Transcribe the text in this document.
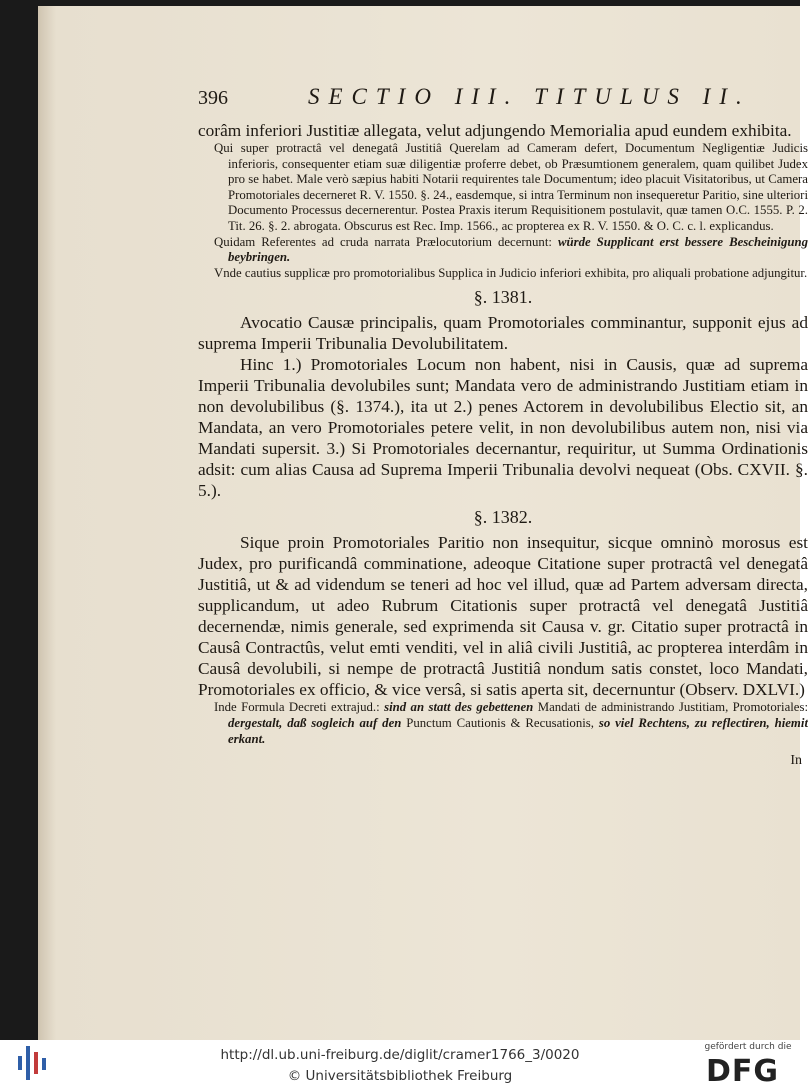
396	SECTIO III. TITULUS II.

corâm inferiori Justitiæ allegata, velut adjungendo Memorialia apud eundem exhibita.

Qui super protractâ vel denegatâ Justitiâ Querelam ad Cameram defert, Documentum Negligentiæ Judicis inferioris, consequenter etiam suæ diligentiæ proferre debet, ob Præsumtionem generalem, quam quilibet Judex pro se habet. Male verò sæpius habiti Notarii requirentes tale Documentum; ideo placuit Visitatoribus, ut Camera Promotoriales decerneret R. V. 1550. §. 24., easdemque, si intra Terminum non insequeretur Paritio, sine ulteriori Documento Processus decernerentur. Postea Praxis iterum Requisitionem postulavit, quæ tamen O.C. 1555. P. 2. Tit. 26. §. 2. abrogata. Obscurus est Rec. Imp. 1566., ac propterea ex R. V. 1550. & O. C. c. l. explicandus.

Quidam Referentes ad cruda narrata Prælocutorium decernunt: würde Supplicant erst bessere Bescheinigung beybringen.

Vnde cautius supplicæ pro promotorialibus Supplica in Judicio inferiori exhibita, pro aliquali probatione adjungitur.

§. 1381.

Avocatio Causæ principalis, quam Promotoriales comminantur, supponit ejus ad suprema Imperii Tribunalia Devolubilitatem.

Hinc 1.) Promotoriales Locum non habent, nisi in Causis, quæ ad suprema Imperii Tribunalia devolubiles sunt; Mandata vero de administrando Justitiam etiam in non devolubilibus (§. 1374.), ita ut 2.) penes Actorem in devolubilibus Electio sit, an Mandata, an vero Promotoriales petere velit, in non devolubilibus autem non, nisi via Mandati supersit. 3.) Si Promotoriales decernantur, requiritur, ut Summa Ordinationis adsit: cum alias Causa ad Suprema Imperii Tribunalia devolvi nequeat (Obs. CXVII. §. 5.).

§. 1382.

Sique proin Promotoriales Paritio non insequitur, sicque omninò morosus est Judex, pro purificandâ comminatione, adeoque Citatione super protractâ vel denegatâ Justitiâ, ut & ad videndum se teneri ad hoc vel illud, quæ ad Partem adversam directa, supplicandum, ut adeo Rubrum Citationis super protractâ vel denegatâ Justitiâ decernendæ, nimis generale, sed exprimenda sit Causa v. gr. Citatio super protractâ in Causâ Contractûs, velut emti venditi, vel in aliâ civili Justitiâ, ac propterea interdâm in Causâ devolubili, si nempe de protractâ Justitiâ nondum satis constet, loco Mandati, Promotoriales ex officio, & vice versâ, si satis aperta sit, decernuntur (Observ. DXLVI.)

Inde Formula Decreti extrajud.: sind an statt des gebettenen Mandati de administrando Justitiam, Promotoriales: dergestalt, daß sogleich auf den Punctum Cautionis & Recusationis, so viel Rechtens, zu reflectiren, hiemit erkant.

In
http://dl.ub.uni-freiburg.de/diglit/cramer1766_3/0020
© Universitätsbibliothek Freiburg
gefördert durch die
DFG
